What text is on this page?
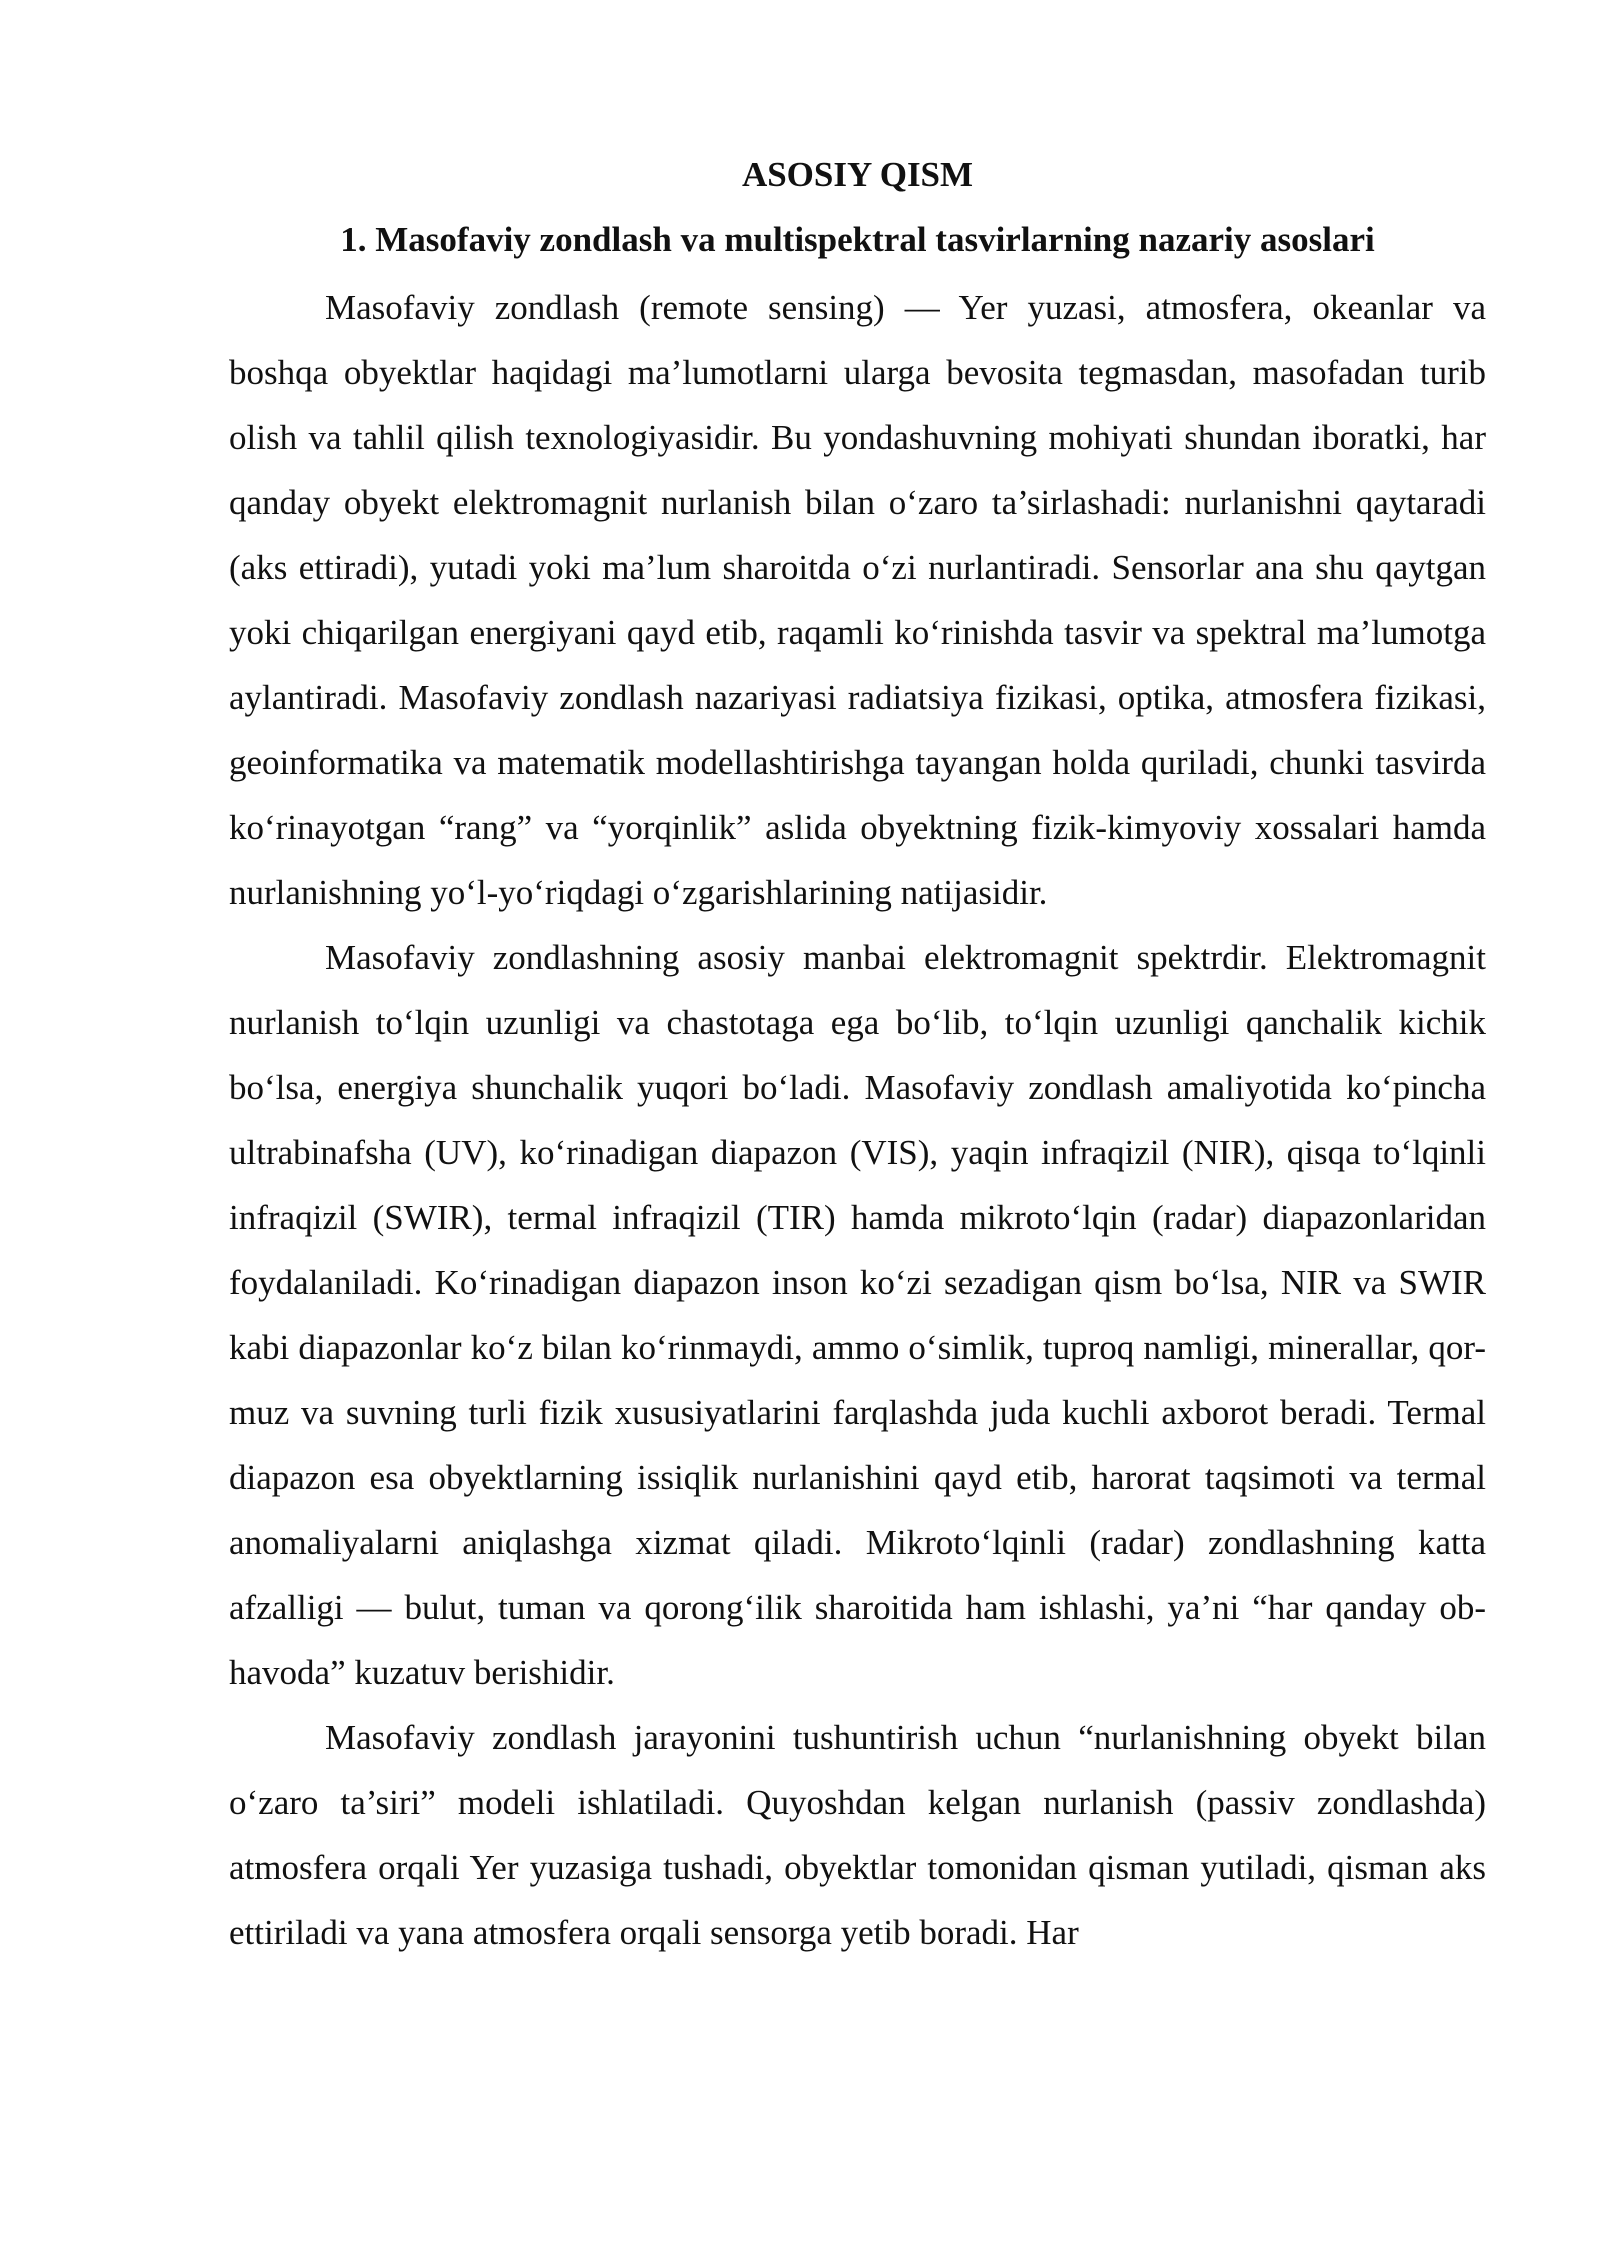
ASOSIY QISM
1. Masofaviy zondlash va multispektral tasvirlarning nazariy asoslari

Masofaviy zondlash (remote sensing) — Yer yuzasi, atmosfera, okeanlar va boshqa obyektlar haqidagi ma’lumotlarni ularga bevosita tegmasdan, masofadan turib olish va tahlil qilish texnologiyasidir. Bu yondashuvning mohiyati shundan iboratki, har qanday obyekt elektromagnit nurlanish bilan o‘zaro ta’sirlashadi: nurlanishni qaytaradi (aks ettiradi), yutadi yoki ma’lum sharoitda o‘zi nurlantiradi. Sensorlar ana shu qaytgan yoki chiqarilgan energiyani qayd etib, raqamli ko‘rinishda tasvir va spektral ma’lumotga aylantiradi. Masofaviy zondlash nazariyasi radiatsiya fizikasi, optika, atmosfera fizikasi, geoinformatika va matematik modellashtirishga tayangan holda quriladi, chunki tasvirda ko‘rinayotgan “rang” va “yorqinlik” aslida obyektning fizik-kimyoviy xossalari hamda nurlanishning yo‘l-yo‘riqdagi o‘zgarishlarining natijasidir.

Masofaviy zondlashning asosiy manbai elektromagnit spektrdir. Elektromagnit nurlanish to‘lqin uzunligi va chastotaga ega bo‘lib, to‘lqin uzunligi qanchalik kichik bo‘lsa, energiya shunchalik yuqori bo‘ladi. Masofaviy zondlash amaliyotida ko‘pincha ultrabinafsha (UV), ko‘rinadigan diapazon (VIS), yaqin infraqizil (NIR), qisqa to‘lqinli infraqizil (SWIR), termal infraqizil (TIR) hamda mikroto‘lqin (radar) diapazonlaridan foydalaniladi. Ko‘rinadigan diapazon inson ko‘zi sezadigan qism bo‘lsa, NIR va SWIR kabi diapazonlar ko‘z bilan ko‘rinmaydi, ammo o‘simlik, tuproq namligi, minerallar, qor-muz va suvning turli fizik xususiyatlarini farqlashda juda kuchli axborot beradi. Termal diapazon esa obyektlarning issiqlik nurlanishini qayd etib, harorat taqsimoti va termal anomaliyalarni aniqlashga xizmat qiladi. Mikroto‘lqinli (radar) zondlashning katta afzalligi — bulut, tuman va qorong‘ilik sharoitida ham ishlashi, ya’ni “har qanday ob-havoda” kuzatuv berishidir.

Masofaviy zondlash jarayonini tushuntirish uchun “nurlanishning obyekt bilan o‘zaro ta’siri” modeli ishlatiladi. Quyoshdan kelgan nurlanish (passiv zondlashda) atmosfera orqali Yer yuzasiga tushadi, obyektlar tomonidan qisman yutiladi, qisman aks ettiriladi va yana atmosfera orqali sensorga yetib boradi. Har
